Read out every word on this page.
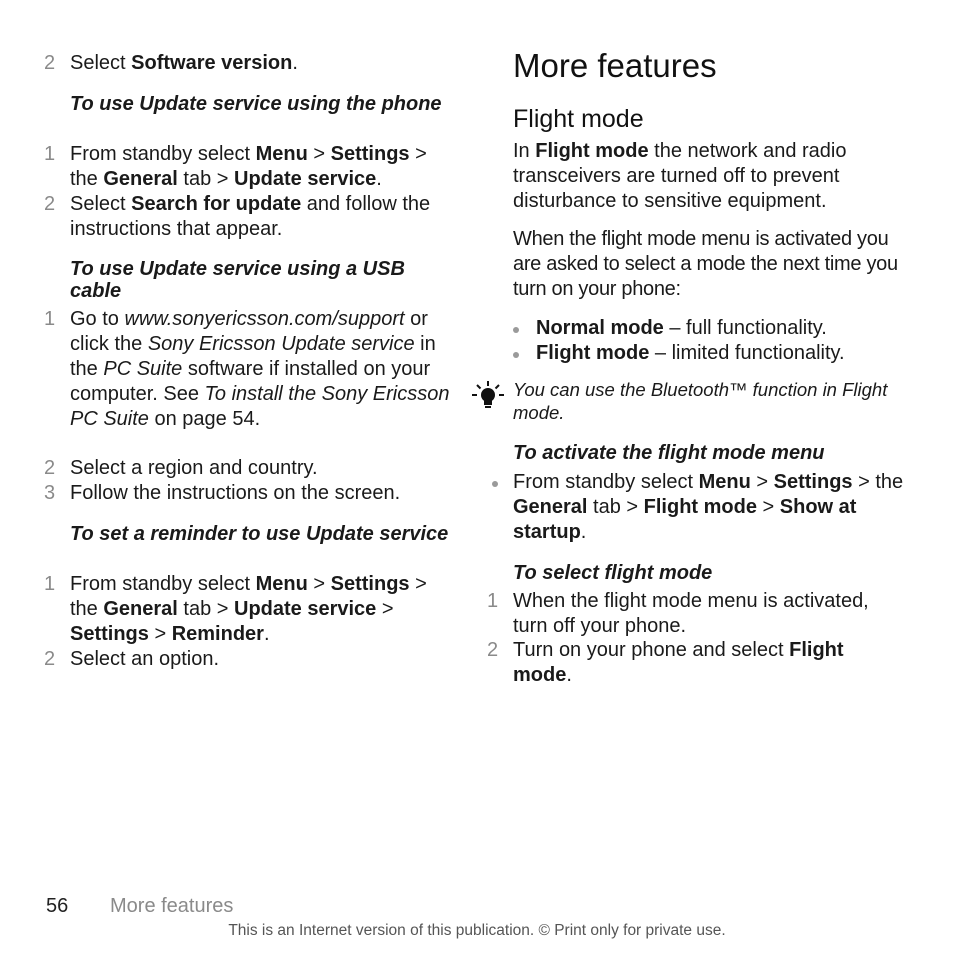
2 Select Software version.
To use Update service using the phone
1 From standby select Menu > Settings > the General tab > Update service.
2 Select Search for update and follow the instructions that appear.
To use Update service using a USB cable
1 Go to www.sonyericsson.com/support or click the Sony Ericsson Update service in the PC Suite software if installed on your computer. See To install the Sony Ericsson PC Suite on page 54.
2 Select a region and country.
3 Follow the instructions on the screen.
To set a reminder to use Update service
1 From standby select Menu > Settings > the General tab > Update service > Settings > Reminder.
2 Select an option.
More features
Flight mode
In Flight mode the network and radio transceivers are turned off to prevent disturbance to sensitive equipment.
When the flight mode menu is activated you are asked to select a mode the next time you turn on your phone:
Normal mode – full functionality.
Flight mode – limited functionality.
You can use the Bluetooth™ function in Flight mode.
To activate the flight mode menu
From standby select Menu > Settings > the General tab > Flight mode > Show at startup.
To select flight mode
1 When the flight mode menu is activated, turn off your phone.
2 Turn on your phone and select Flight mode.
56 More features
This is an Internet version of this publication. © Print only for private use.
